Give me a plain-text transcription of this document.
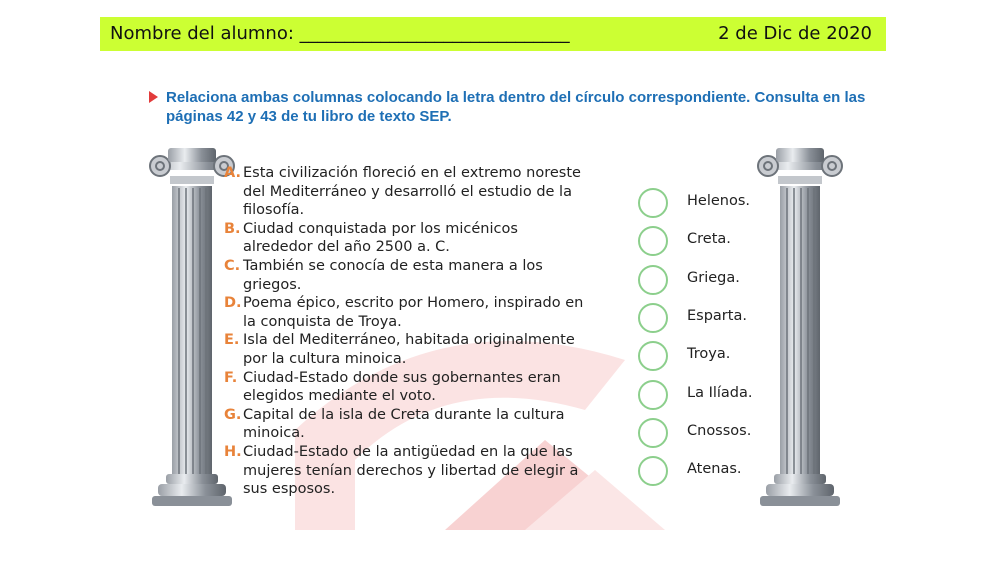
Nombre del alumno: ______________________________	2 de Dic de 2020
Relaciona ambas columnas colocando la letra dentro del círculo correspondiente. Consulta en las páginas 42 y 43 de tu libro de texto SEP.
A. Esta civilización floreció en el extremo noreste del Mediterráneo y desarrolló el estudio de la filosofía.
B. Ciudad conquistada por los micénicos alrededor del año 2500 a. C.
C. También se conocía de esta manera a los griegos.
D. Poema épico, escrito por Homero, inspirado en la conquista de Troya.
E. Isla del Mediterráneo, habitada originalmente por la cultura minoica.
F. Ciudad-Estado donde sus gobernantes eran elegidos mediante el voto.
G. Capital de la isla de Creta durante la cultura minoica.
H. Ciudad-Estado de la antigüedad en la que las mujeres tenían derechos y libertad de elegir a sus esposos.
Helenos.
Creta.
Griega.
Esparta.
Troya.
La Ilíada.
Cnossos.
Atenas.
